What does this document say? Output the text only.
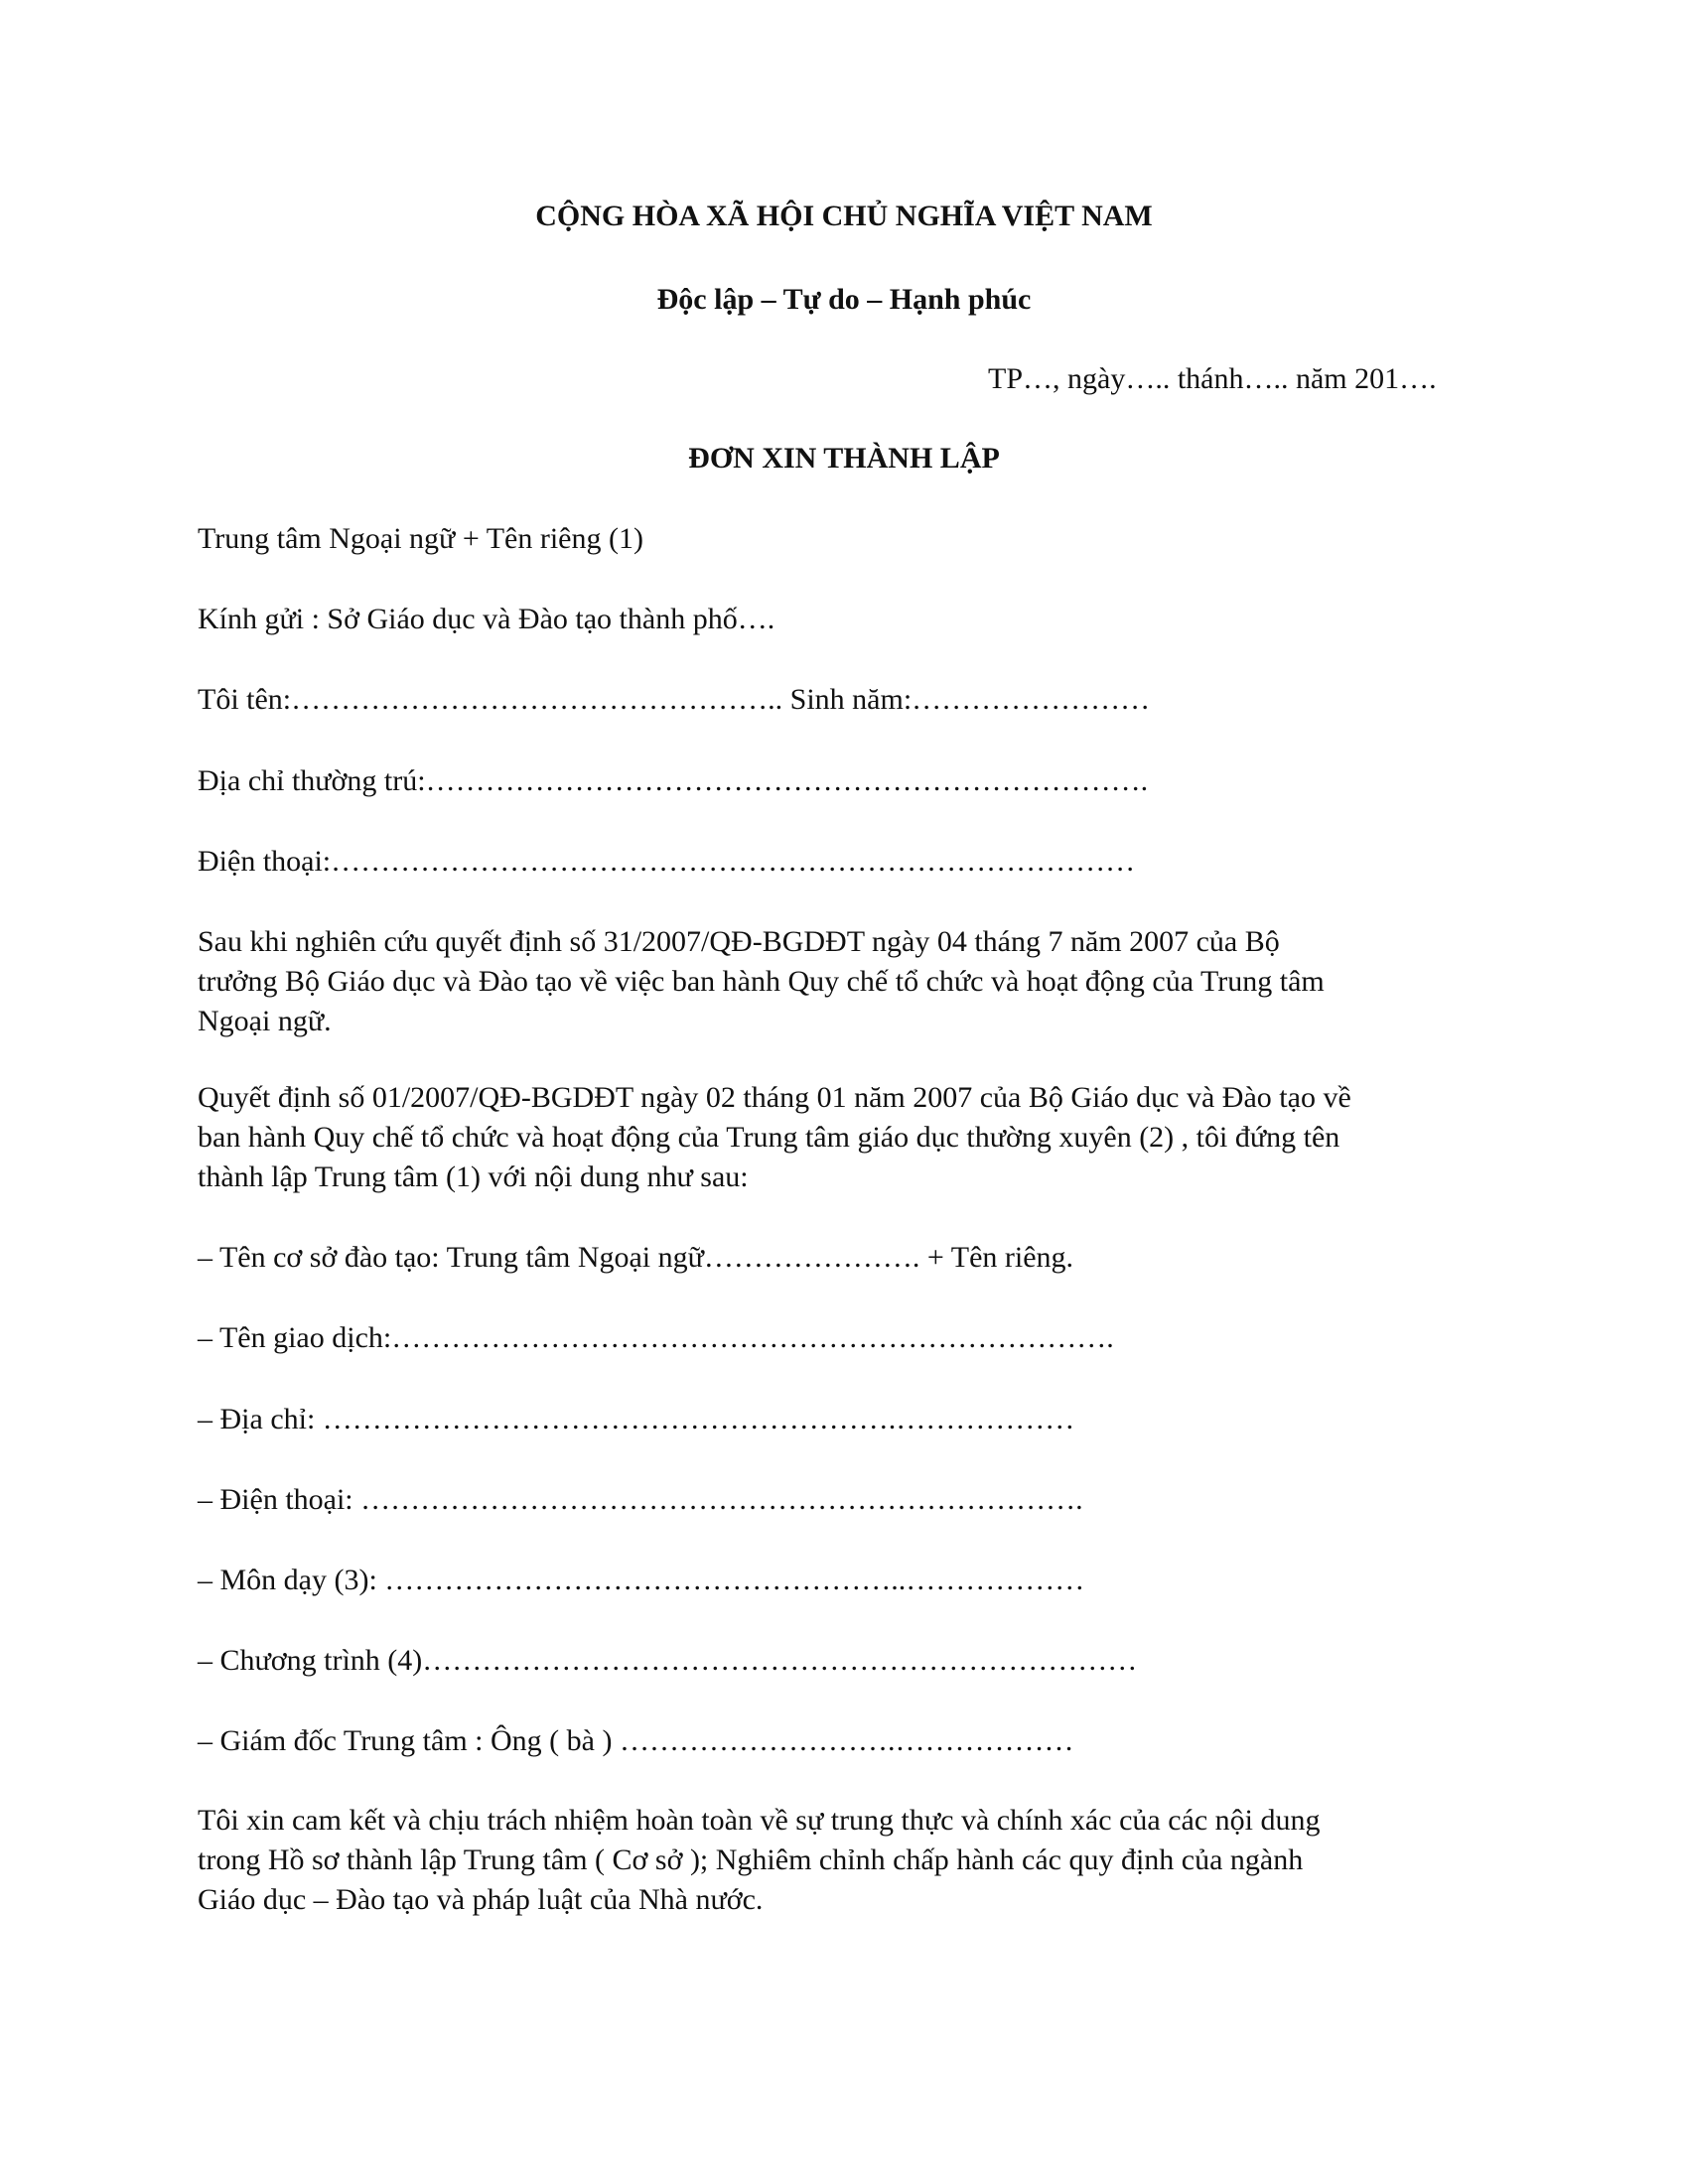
CỘNG HÒA XÃ HỘI CHỦ NGHĨA VIỆT NAM

Độc lập – Tự do – Hạnh phúc

TP…, ngày….. thánh….. năm 201….

ĐƠN XIN THÀNH LẬP

Trung tâm Ngoại ngữ + Tên riêng (1)

Kính gửi : Sở Giáo dục và Đào tạo thành phố….

Tôi tên:………………………………………….. Sinh năm:……………………

Địa chỉ thường trú:……………………………………………………………….

Điện thoại:………………………………………………………………………

Sau khi nghiên cứu quyết định số 31/2007/QĐ-BGDĐT ngày 04 tháng 7 năm 2007 của Bộ
trưởng Bộ Giáo dục và Đào tạo về việc ban hành Quy chế tổ chức và hoạt động của Trung tâm
Ngoại ngữ.
Quyết định số 01/2007/QĐ-BGDĐT ngày 02 tháng 01 năm 2007 của Bộ Giáo dục và Đào tạo về
ban hành Quy chế tổ chức và hoạt động của Trung tâm giáo dục thường xuyên (2) , tôi đứng tên
thành lập Trung tâm (1) với nội dung như sau:

– Tên cơ sở đào tạo: Trung tâm Ngoại ngữ…………………. + Tên riêng.

– Tên giao dịch:……………………………………………………………….

– Địa chỉ: ………………………………………………….………………

– Điện thoại: ……………………………………………………………….

– Môn dạy (3): ……………………………………………..………………

– Chương trình (4)………………………………………………………………

– Giám đốc Trung tâm : Ông ( bà ) ……………………….………………

Tôi xin cam kết và chịu trách nhiệm hoàn toàn về sự trung thực và chính xác của các nội dung
trong Hồ sơ thành lập Trung tâm ( Cơ sở ); Nghiêm chỉnh chấp hành các quy định của ngành
Giáo dục – Đào tạo và pháp luật của Nhà nước.
